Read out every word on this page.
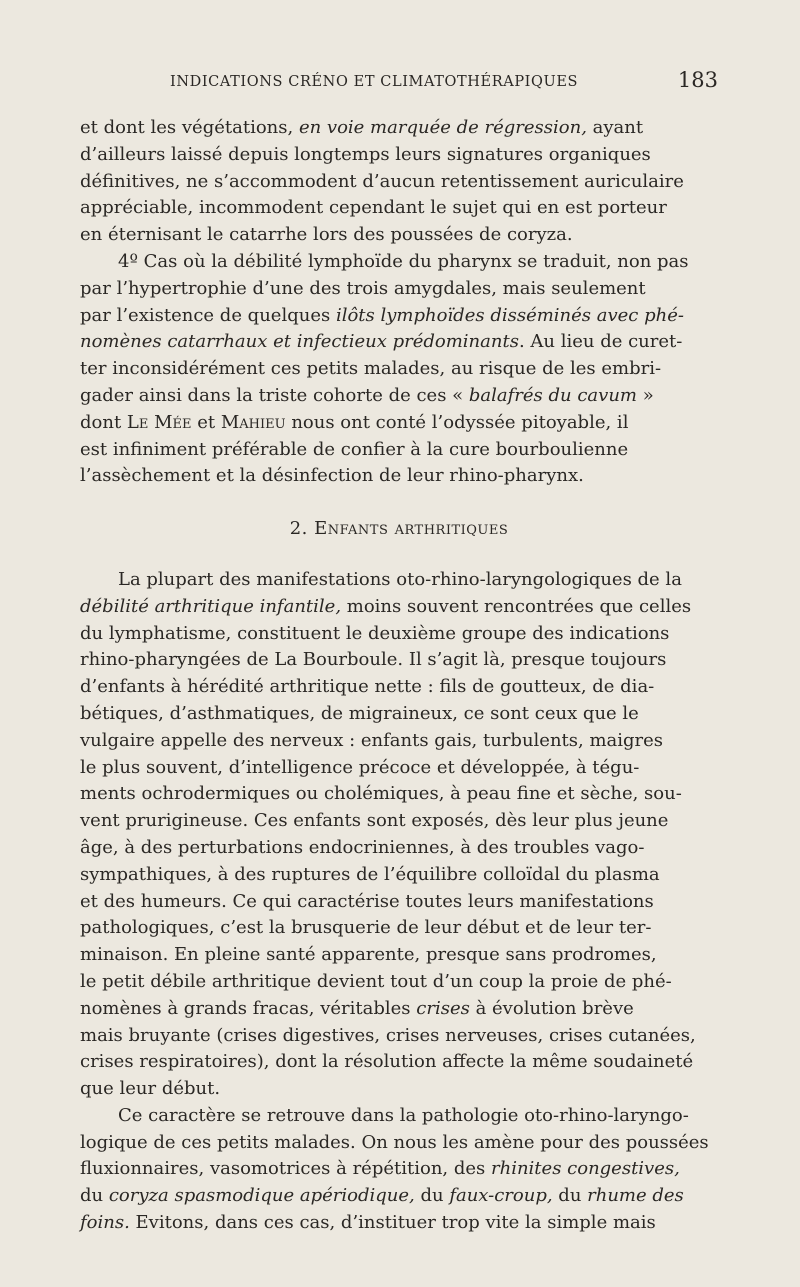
INDICATIONS CRÉNO ET CLIMATOTHÉRAPIQUES	183

et dont les végétations, en voie marquée de régression, ayant
d’ailleurs laissé depuis longtemps leurs signatures organiques
définitives, ne s’accommodent d’aucun retentissement auriculaire
appréciable, incommodent cependant le sujet qui en est porteur
en éternisant le catarrhe lors des poussées de coryza.

4º Cas où la débilité lymphoïde du pharynx se traduit, non pas
par l’hypertrophie d’une des trois amygdales, mais seulement
par l’existence de quelques ilôts lymphoïdes disséminés avec phé-
nomènes catarrhaux et infectieux prédominants. Au lieu de curet-
ter inconsidérément ces petits malades, au risque de les embri-
gader ainsi dans la triste cohorte de ces « balafrés du cavum »
dont Le Mée et Mahieu nous ont conté l’odyssée pitoyable, il
est infiniment préférable de confier à la cure bourboulienne
l’assèchement et la désinfection de leur rhino-pharynx.

2. Enfants arthritiques

La plupart des manifestations oto-rhino-laryngologiques de la
débilité arthritique infantile, moins souvent rencontrées que celles
du lymphatisme, constituent le deuxième groupe des indications
rhino-pharyngées de La Bourboule. Il s’agit là, presque toujours
d’enfants à hérédité arthritique nette : fils de goutteux, de dia-
bétiques, d’asthmatiques, de migraineux, ce sont ceux que le
vulgaire appelle des nerveux : enfants gais, turbulents, maigres
le plus souvent, d’intelligence précoce et développée, à tégu-
ments ochrodermiques ou cholémiques, à peau fine et sèche, sou-
vent prurigineuse. Ces enfants sont exposés, dès leur plus jeune
âge, à des perturbations endocriniennes, à des troubles vago-
sympathiques, à des ruptures de l’équilibre colloïdal du plasma
et des humeurs. Ce qui caractérise toutes leurs manifestations
pathologiques, c’est la brusquerie de leur début et de leur ter-
minaison. En pleine santé apparente, presque sans prodromes,
le petit débile arthritique devient tout d’un coup la proie de phé-
nomènes à grands fracas, véritables crises à évolution brève
mais bruyante (crises digestives, crises nerveuses, crises cutanées,
crises respiratoires), dont la résolution affecte la même soudaineté
que leur début.

Ce caractère se retrouve dans la pathologie oto-rhino-laryngo-
logique de ces petits malades. On nous les amène pour des poussées
fluxionnaires, vasomotrices à répétition, des rhinites congestives,
du coryza spasmodique apériodique, du faux-croup, du rhume des
foins. Evitons, dans ces cas, d’instituer trop vite la simple mais
